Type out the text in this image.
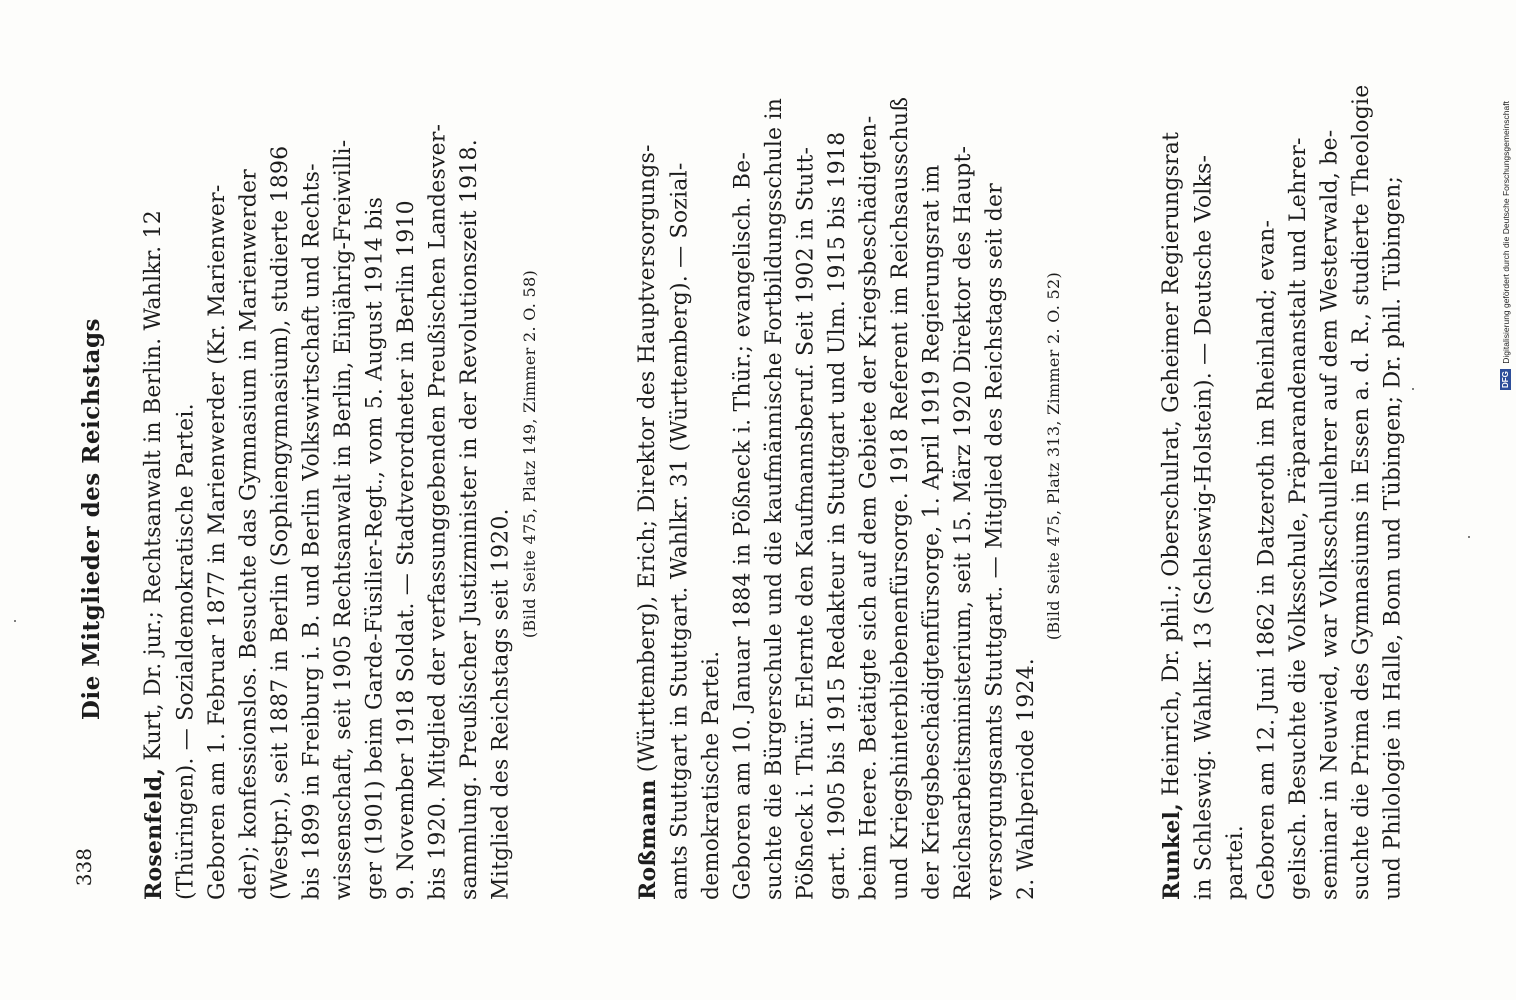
338
Die Mitglieder des Reichstags
Rosenfeld, Kurt, Dr. jur.; Rechtsanwalt in Berlin. Wahlkr. 12 (Thüringen). — Sozialdemokratische Partei. Geboren am 1. Februar 1877 in Marienwerder (Kr. Marienwer- der); konfessionslos. Besuchte das Gymnasium in Marienwerder (Westpr.), seit 1887 in Berlin (Sophiengymnasium), studierte 1896 bis 1899 in Freiburg i. B. und Berlin Volkswirtschaft und Rechts- wissenschaft, seit 1905 Rechtsanwalt in Berlin, Einjährig-Freiwilli- ger (1901) beim Garde-Füsilier-Regt., vom 5. August 1914 bis 9. November 1918 Soldat. — Stadtverordneter in Berlin 1910 bis 1920. Mitglied der verfassunggebenden Preußischen Landesver- sammlung. Preußischer Justizminister in der Revolutionszeit 1918. Mitglied des Reichstags seit 1920.
(Bild Seite 475, Platz 149, Zimmer 2. O. 58)
Roßmann (Württemberg), Erich; Direktor des Hauptversorgungs- amts Stuttgart in Stuttgart. Wahlkr. 31 (Württemberg). — Sozial- demokratische Partei. Geboren am 10. Januar 1884 in Pößneck i. Thür.; evangelisch. Be- suchte die Bürgerschule und die kaufmännische Fortbildungsschule in Pößneck i. Thür. Erlernte den Kaufmannsberuf. Seit 1902 in Stutt- gart. 1905 bis 1915 Redakteur in Stuttgart und Ulm. 1915 bis 1918 beim Heere. Betätigte sich auf dem Gebiete der Kriegsbeschädigten- und Kriegshinterbliebenenfürsorge. 1918 Referent im Reichsausschuß der Kriegsbeschädigtenfürsorge, 1. April 1919 Regierungsrat im Reichsarbeitsministerium, seit 15. März 1920 Direktor des Haupt- versorgungsamts Stuttgart. — Mitglied des Reichstags seit der 2. Wahlperiode 1924.
(Bild Seite 475, Platz 313, Zimmer 2. O. 52)
Runkel, Heinrich, Dr. phil.; Oberschulrat, Geheimer Regierungsrat in Schleswig. Wahlkr. 13 (Schleswig-Holstein). — Deutsche Volks- partei. Geboren am 12. Juni 1862 in Datzeroth im Rheinland; evan- gelisch. Besuchte die Volksschule, Präparandenanstalt und Lehrer- seminar in Neuwied, war Volksschullehrer auf dem Westerwald, be- suchte die Prima des Gymnasiums in Essen a. d. R., studierte Theologie und Philologie in Halle, Bonn und Tübingen; Dr. phil. Tübingen;	DFG Digitalisierung gefördert durch die Deutsche Forschungsgemeinschaft
